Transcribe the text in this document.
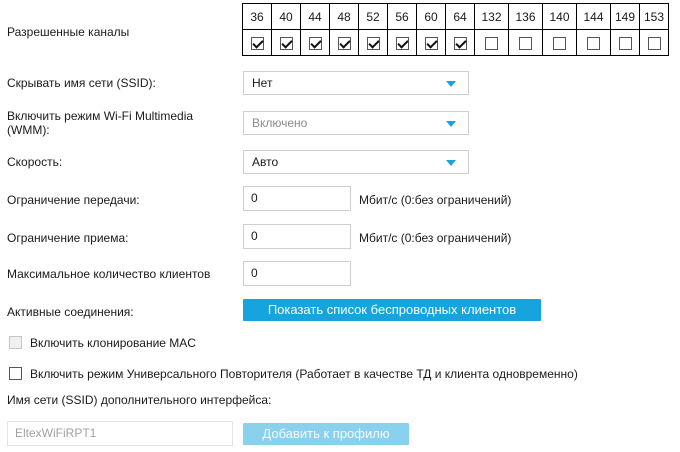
Разрешенные каналы
36	40	44	48	52	56	60	64	132	136	140	144	149	153

Скрывать имя сети (SSID):	Нет
Включить режим Wi-Fi Multimedia
(WMM):	Включено
Скорость:	Авто
Ограничение передачи:	0	Мбит/с (0:без ограничений)
Ограничение приема:	0	Мбит/с (0:без ограничений)
Максимальное количество клиентов	0
Активные соединения:	Показать список беспроводных клиентов
Включить клонирование MAC
Включить режим Универсального Повторителя (Работает в качестве ТД и клиента одновременно)
Имя сети (SSID) дополнительного интерфейса:
EltexWiFiRPT1	Добавить к профилю
